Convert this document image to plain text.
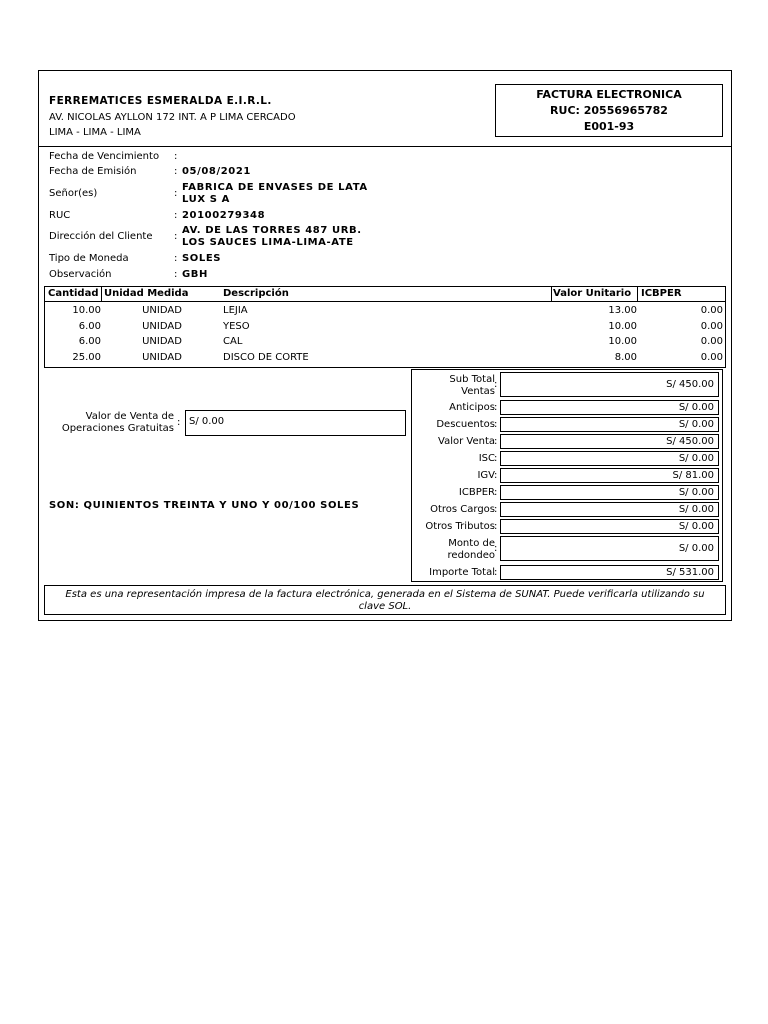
FERREMATICES ESMERALDA E.I.R.L.
AV. NICOLAS AYLLON 172 INT. A P LIMA CERCADO
LIMA - LIMA - LIMA
FACTURA ELECTRONICA
RUC: 20556965782
E001-93
Fecha de Vencimiento :
Fecha de Emisión	: 05/08/2021
Señor(es)	:
FABRICA DE ENVASES DE LATA
LUX S A
RUC	: 20100279348
Dirección del Cliente :
AV. DE LAS TORRES 487 URB.
LOS SAUCES LIMA-LIMA-ATE
Tipo de Moneda	: SOLES
Observación	: GBH
Cantidad Unidad Medida	Descripción	Valor Unitario ICBPER
10.00	UNIDAD	LEJIA	13.00	0.00
6.00	UNIDAD	YESO	10.00	0.00
6.00	UNIDAD	CAL	10.00	0.00
25.00	UNIDAD	DISCO DE CORTE	8.00	0.00
Valor de Venta de
Operaciones Gratuitas
: S/ 0.00
SON: QUINIENTOS TREINTA Y UNO Y 00/100 SOLES
Sub Total
Ventas
:	S/ 450.00
Anticipos :	S/ 0.00
Descuentos :	S/ 0.00
Valor Venta :	S/ 450.00
ISC :	S/ 0.00
IGV :	S/ 81.00
ICBPER :	S/ 0.00
Otros Cargos :	S/ 0.00
Otros Tributos :	S/ 0.00
Monto de
redondeo
:	S/ 0.00
Importe Total :	S/ 531.00
Esta es una representación impresa de la factura electrónica, generada en el Sistema de SUNAT. Puede verificarla utilizando su clave SOL.
